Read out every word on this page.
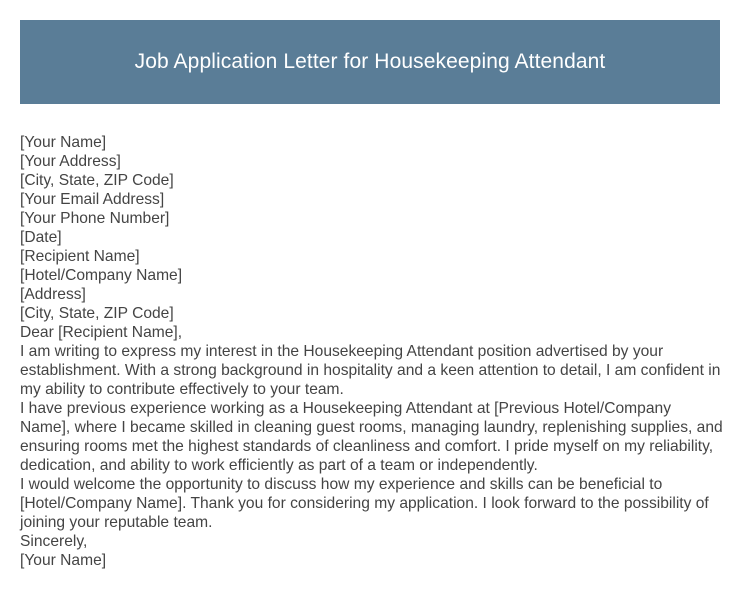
Job Application Letter for Housekeeping Attendant
[Your Name]
[Your Address]
[City, State, ZIP Code]
[Your Email Address]
[Your Phone Number]
[Date]
[Recipient Name]
[Hotel/Company Name]
[Address]
[City, State, ZIP Code]
Dear [Recipient Name],

I am writing to express my interest in the Housekeeping Attendant position advertised by your establishment. With a strong background in hospitality and a keen attention to detail, I am confident in my ability to contribute effectively to your team.

I have previous experience working as a Housekeeping Attendant at [Previous Hotel/Company Name], where I became skilled in cleaning guest rooms, managing laundry, replenishing supplies, and ensuring rooms met the highest standards of cleanliness and comfort. I pride myself on my reliability, dedication, and ability to work efficiently as part of a team or independently.

I would welcome the opportunity to discuss how my experience and skills can be beneficial to [Hotel/Company Name]. Thank you for considering my application. I look forward to the possibility of joining your reputable team.

Sincerely,
[Your Name]
